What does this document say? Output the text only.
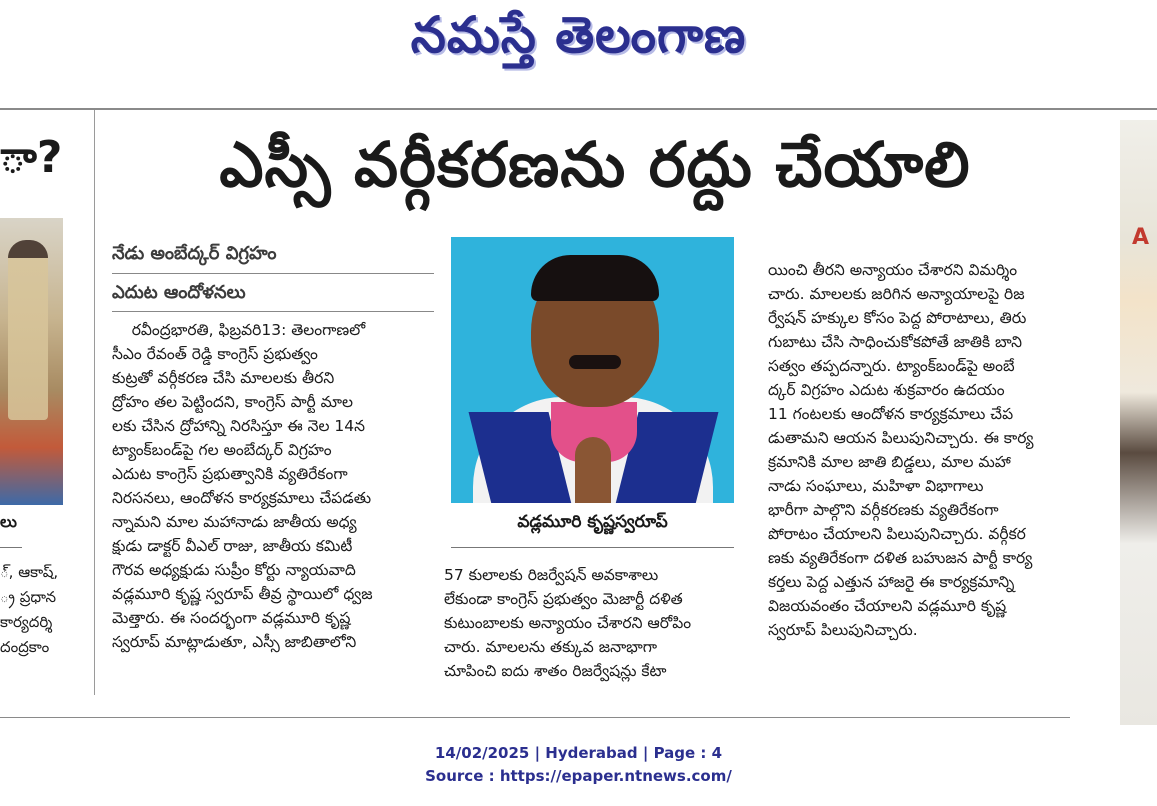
నమస్తే తెలంగాణ
ా?
లు
్, ఆకాష్,
్ర ప్రధాన
కార్యదర్శి
దంద్రకాం
A
ఎస్సీ వర్గీకరణను రద్దు చేయాలి
నేడు అంబేద్కర్ విగ్రహం
ఎదుట ఆందోళనలు
రవీంద్రభారతి, ఫిబ్రవరి13: తెలంగాణలో
సీఎం రేవంత్ రెడ్డి కాంగ్రెస్ ప్రభుత్వం
కుట్రతో వర్గీకరణ చేసి మాలలకు తీరని
ద్రోహం తల పెట్టిందని, కాంగ్రెస్ పార్టీ మాల
లకు చేసిన ద్రోహాన్ని నిరసిస్తూ ఈ నెల 14న
ట్యాంక్‌బండ్‌పై గల అంబేద్కర్ విగ్రహం
ఎదుట కాంగ్రెస్ ప్రభుత్వానికి వ్యతిరేకంగా
నిరసనలు, ఆందోళన కార్యక్రమాలు చేపడతు
న్నామని మాల మహానాడు జాతీయ అధ్య
క్షుడు డాక్టర్ వీఎల్ రాజు, జాతీయ కమిటీ
గౌరవ అధ్యక్షుడు సుప్రీం కోర్టు న్యాయవాది
వడ్లమూరి కృష్ణ స్వరూప్ తీవ్ర స్థాయిలో ధ్వజ
మెత్తారు. ఈ సందర్భంగా వడ్లమూరి కృష్ణ
స్వరూప్ మాట్లాడుతూ, ఎస్సీ జాబితాలోని
వడ్లమూరి కృష్ణస్వరూప్
57 కులాలకు రిజర్వేషన్ అవకాశాలు
లేకుండా కాంగ్రెస్ ప్రభుత్వం మెజార్టీ దళిత
కుటుంబాలకు అన్యాయం చేశారని ఆరోపిం
చారు. మాలలను తక్కువ జనాభాగా
చూపించి ఐదు శాతం రిజర్వేషన్లు కేటా
యించి తీరని అన్యాయం చేశారని విమర్శిం
చారు. మాలలకు జరిగిన అన్యాయాలపై రిజ
ర్వేషన్ హక్కుల కోసం పెద్ద పోరాటాలు, తిరు
గుబాటు చేసి సాధించుకోకపోతే జాతికి బాని
సత్వం తప్పదన్నారు. ట్యాంక్‌బండ్‌పై అంబే
ద్కర్ విగ్రహం ఎదుట శుక్రవారం ఉదయం
11 గంటలకు ఆందోళన కార్యక్రమాలు చేప
డుతామని ఆయన పిలుపునిచ్చారు. ఈ కార్య
క్రమానికి మాల జాతి బిడ్డలు, మాల మహా
నాడు సంఘాలు, మహిళా విభాగాలు
భారీగా పాల్గొని వర్గీకరణకు వ్యతిరేకంగా
పోరాటం చేయాలని పిలుపునిచ్చారు. వర్గీకర
ణకు వ్యతిరేకంగా దళిత బహుజన పార్టీ కార్య
కర్తలు పెద్ద ఎత్తున హాజరై ఈ కార్యక్రమాన్ని
విజయవంతం చేయాలని వడ్లమూరి కృష్ణ
స్వరూప్ పిలుపునిచ్చారు.
14/02/2025 | Hyderabad | Page : 4
Source : https://epaper.ntnews.com/
